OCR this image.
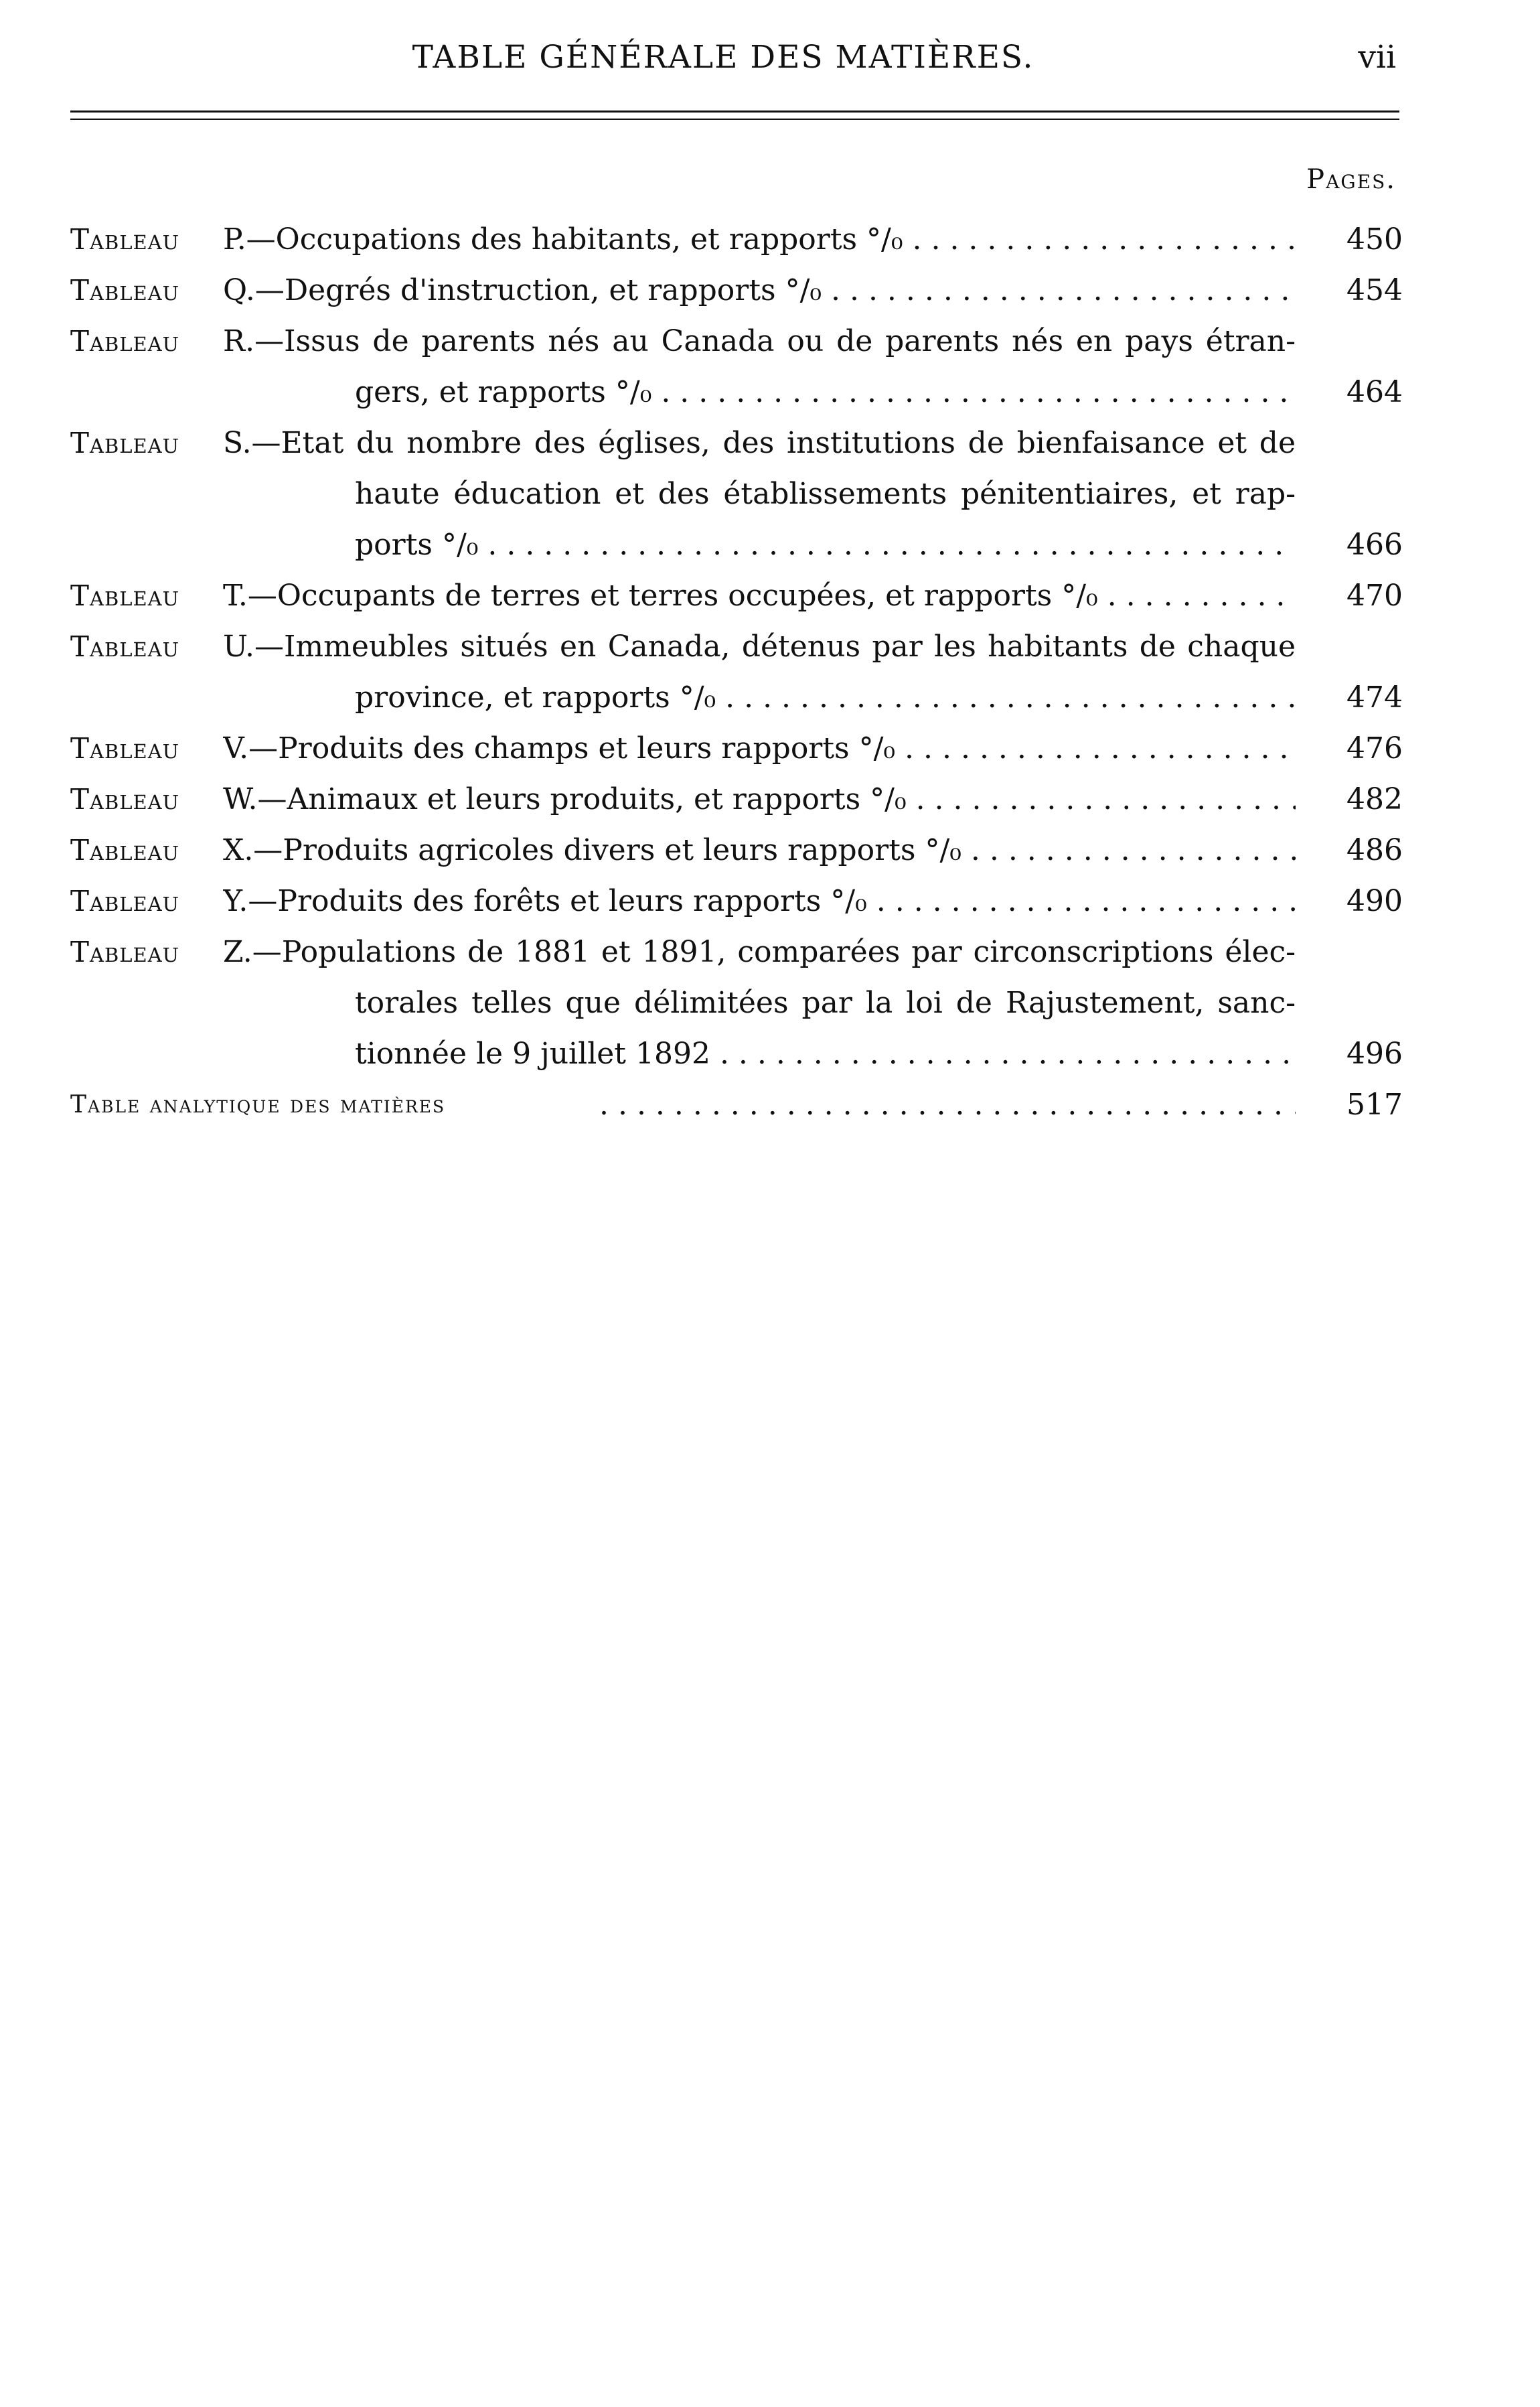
TABLE GÉNÉRALE DES MATIÈRES.	vii
Pages.
Tableau P.—Occupations des habitants, et rapports °/₀ . . .	450
Tableau Q.—Degrés d'instruction, et rapports °/₀ . . .	454
Tableau R.—Issus de parents nés au Canada ou de parents nés en pays étran-
gers, et rapports °/₀ . . .	464
Tableau S.—Etat du nombre des églises, des institutions de bienfaisance et de
haute éducation et des établissements pénitentiaires, et rap-
ports °/₀ . . .	466
Tableau T.—Occupants de terres et terres occupées, et rapports °/₀ . . .	470
Tableau U.—Immeubles situés en Canada, détenus par les habitants de chaque
province, et rapports °/₀ . . .	474
Tableau V.—Produits des champs et leurs rapports °/₀ . . .	476
Tableau W.—Animaux et leurs produits, et rapports °/₀ . . .	482
Tableau X.—Produits agricoles divers et leurs rapports °/₀ . . .	486
Tableau Y.—Produits des forêts et leurs rapports °/₀ . . .	490
Tableau Z.—Populations de 1881 et 1891, comparées par circonscriptions élec-
torales telles que délimitées par la loi de Rajustement, sanc-
tionnée le 9 juillet 1892 . . .	496
Table analytique des matières . . .	517
